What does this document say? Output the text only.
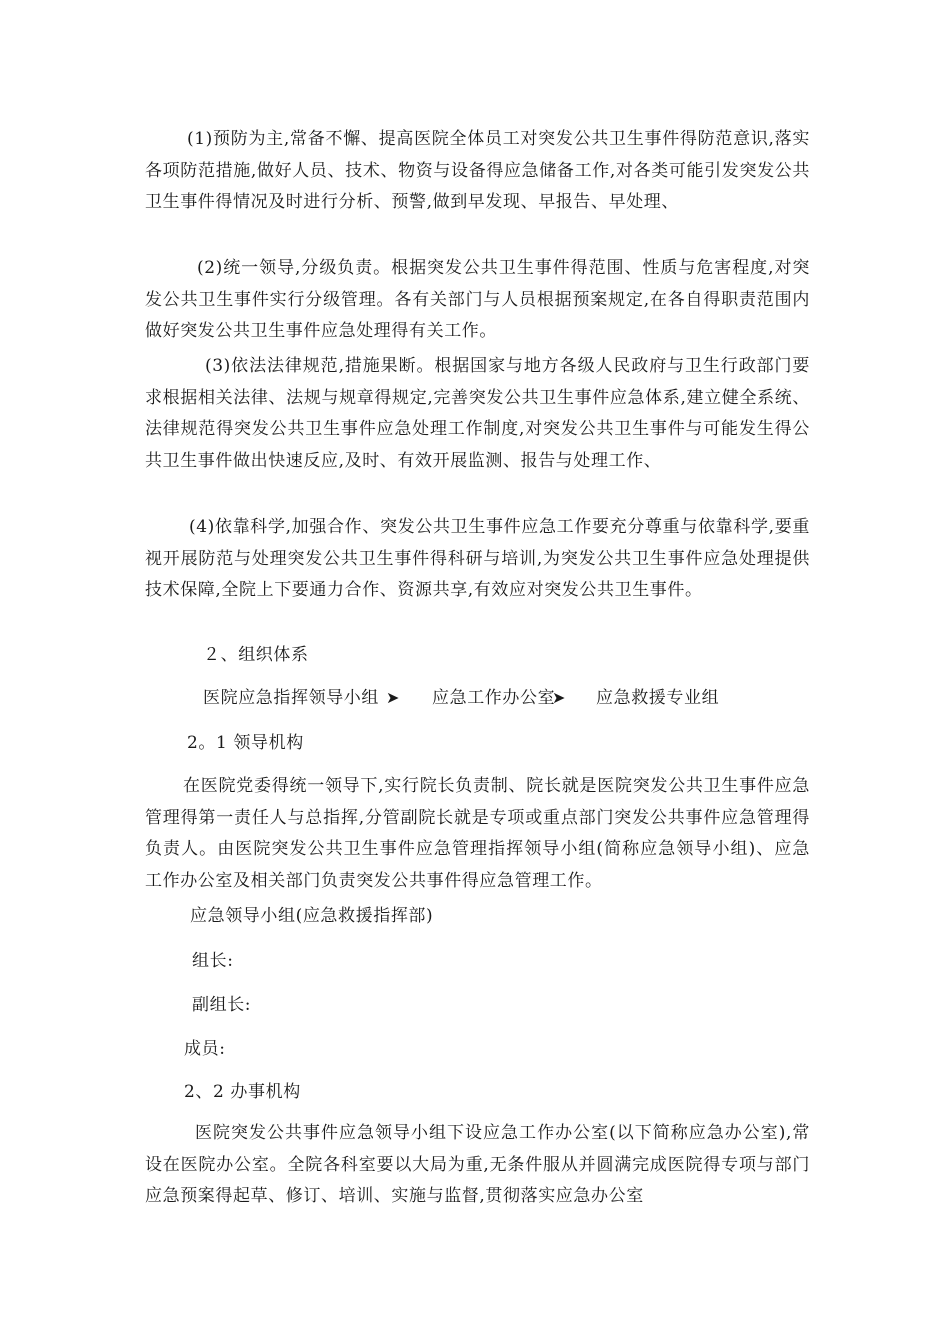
(1)预防为主,常备不懈、提高医院全体员工对突发公共卫生事件得防范意识,落实各项防范措施,做好人员、技术、物资与设备得应急储备工作,对各类可能引发突发公共卫生事件得情况及时进行分析、预警,做到早发现、早报告、早处理、

(2)统一领导,分级负责。根据突发公共卫生事件得范围、性质与危害程度,对突发公共卫生事件实行分级管理。各有关部门与人员根据预案规定,在各自得职责范围内做好突发公共卫生事件应急处理得有关工作。

(3)依法法律规范,措施果断。根据国家与地方各级人民政府与卫生行政部门要求根据相关法律、法规与规章得规定,完善突发公共卫生事件应急体系,建立健全系统、法律规范得突发公共卫生事件应急处理工作制度,对突发公共卫生事件与可能发生得公共卫生事件做出快速反应,及时、有效开展监测、报告与处理工作、

(4)依靠科学,加强合作、突发公共卫生事件应急工作要充分尊重与依靠科学,要重视开展防范与处理突发公共卫生事件得科研与培训,为突发公共卫生事件应急处理提供技术保障,全院上下要通力合作、资源共享,有效应对突发公共卫生事件。

２、组织体系
医院应急指挥领导小组 ➤ 应急工作办公室
➤ 应急救援专业组
2。1 领导机构

在医院党委得统一领导下,实行院长负责制、院长就是医院突发公共卫生事件应急管理得第一责任人与总指挥,分管副院长就是专项或重点部门突发公共事件应急管理得负责人。由医院突发公共卫生事件应急管理指挥领导小组(简称应急领导小组)、应急工作办公室及相关部门负责突发公共事件得应急管理工作。

应急领导小组(应急救援指挥部)
组长:
副组长:
成员:
2、2 办事机构

医院突发公共事件应急领导小组下设应急工作办公室(以下简称应急办公室),常设在医院办公室。全院各科室要以大局为重,无条件服从并圆满完成医院得专项与部门应急预案得起草、修订、培训、实施与监督,贯彻落实应急办公室
